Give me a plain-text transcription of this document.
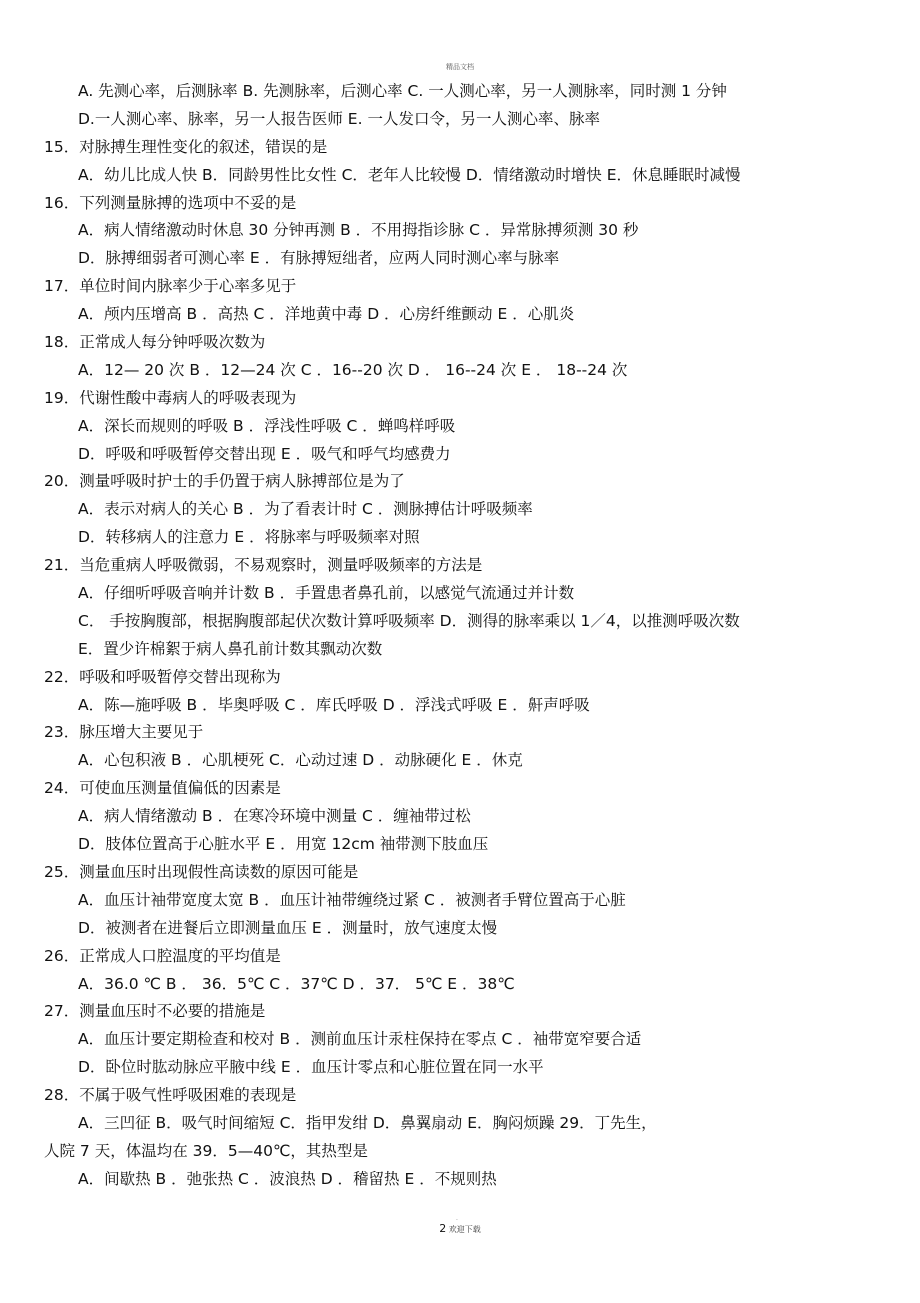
精品文档
A. 先测心率，后测脉率 B. 先测脉率，后测心率 C. 一人测心率，另一人测脉率，同时测 1 分钟
D.一人测心率、脉率，另一人报告医师 E. 一人发口令，另一人测心率、脉率
15．对脉搏生理性变化的叙述，错误的是
A．幼儿比成人快 B．同龄男性比女性 C．老年人比较慢 D．情绪激动时增快 E．休息睡眠时减慢
16．下列测量脉搏的选项中不妥的是
A．病人情绪激动时休息 30 分钟再测 B ．不用拇指诊脉 C ．异常脉搏须测 30 秒
D．脉搏细弱者可测心率 E ．有脉搏短绌者，应两人同时测心率与脉率
17．单位时间内脉率少于心率多见于
A．颅内压增高 B ．高热 C ．洋地黄中毒 D ．心房纤维颤动 E ．心肌炎
18．正常成人每分钟呼吸次数为
A．12— 20 次 B ．12—24 次 C ．16--20 次 D ． 16--24 次 E ． 18--24 次
19．代谢性酸中毒病人的呼吸表现为
A．深长而规则的呼吸 B ．浮浅性呼吸 C ．蝉鸣样呼吸
D．呼吸和呼吸暂停交替出现 E ．吸气和呼气均感费力
20．测量呼吸时护士的手仍置于病人脉搏部位是为了
A．表示对病人的关心 B ．为了看表计时 C ．测脉搏估计呼吸频率
D．转移病人的注意力 E ．将脉率与呼吸频率对照
21．当危重病人呼吸微弱，不易观察时，测量呼吸频率的方法是
A．仔细听呼吸音响并计数 B ．手置患者鼻孔前，以感觉气流通过并计数
C． 手按胸腹部，根据胸腹部起伏次数计算呼吸频率 D．测得的脉率乘以 1／4，以推测呼吸次数
E．置少许棉絮于病人鼻孔前计数其飘动次数
22．呼吸和呼吸暂停交替出现称为
A．陈—施呼吸 B ．毕奥呼吸 C ．库氏呼吸 D ．浮浅式呼吸 E ．鼾声呼吸
23．脉压增大主要见于
A．心包积液 B ．心肌梗死 C．心动过速 D ．动脉硬化 E ．休克
24．可使血压测量值偏低的因素是
A．病人情绪激动 B ．在寒冷环境中测量 C ．缠袖带过松
D．肢体位置高于心脏水平 E ．用宽 12cm 袖带测下肢血压
25．测量血压时出现假性高读数的原因可能是
A．血压计袖带宽度太宽 B ．血压计袖带缠绕过紧 C ．被测者手臂位置高于心脏
D．被测者在进餐后立即测量血压 E ．测量时，放气速度太慢
26．正常成人口腔温度的平均值是
A．36.0 ℃ B ． 36．5℃ C ．37℃ D ．37． 5℃ E ．38℃
27．测量血压时不必要的措施是
A．血压计要定期检查和校对 B ．测前血压计汞柱保持在零点 C ．袖带宽窄要合适
D．卧位时肱动脉应平腋中线 E ．血压计零点和心脏位置在同一水平
28．不属于吸气性呼吸困难的表现是
A．三凹征 B．吸气时间缩短 C．指甲发绀 D．鼻翼扇动 E．胸闷烦躁 29．丁先生，
人院 7 天，体温均在 39．5—40℃，其热型是
A．间歇热 B ．弛张热 C ．波浪热 D ．稽留热 E ．不规则热
.
2 欢迎下载
